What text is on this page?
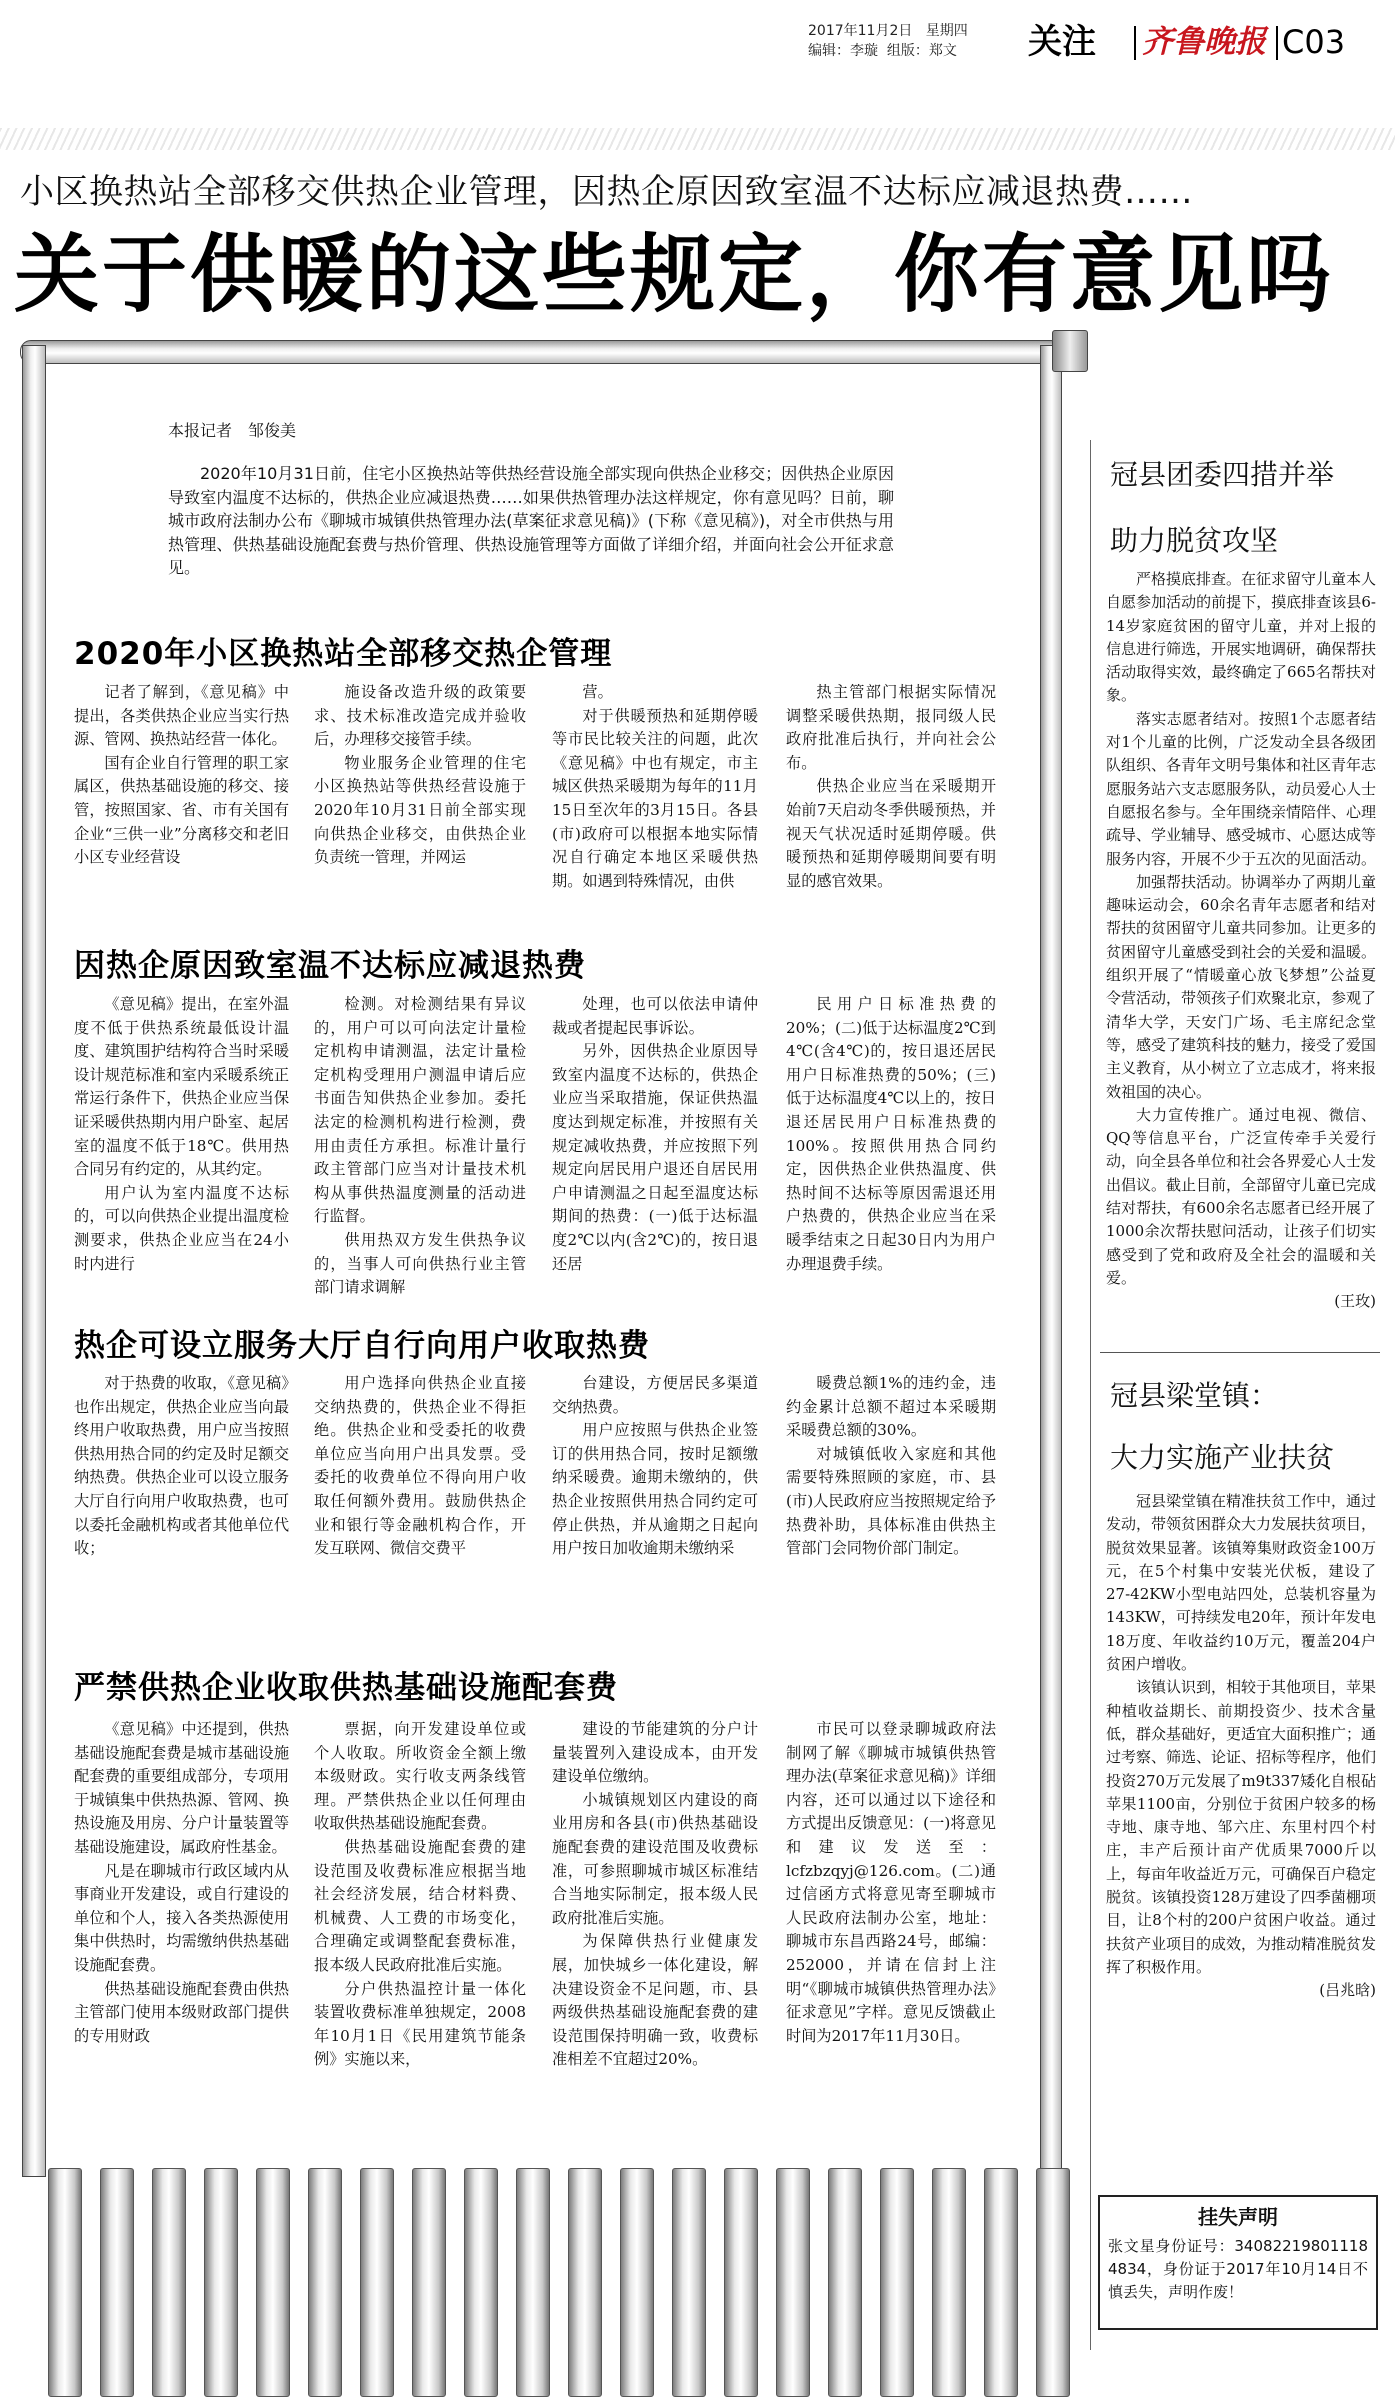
2017年11月2日 星期四
编辑：李璇 组版：郑文 关注 齐鲁晚报 C03
小区换热站全部移交供热企业管理，因热企原因致室温不达标应减退热费……
关于供暖的这些规定，你有意见吗
本报记者　邹俊美
2020年10月31日前，住宅小区换热站等供热经营设施全部实现向供热企业移交；因供热企业原因导致室内温度不达标的，供热企业应减退热费……如果供热管理办法这样规定，你有意见吗？日前，聊城市政府法制办公布《聊城市城镇供热管理办法(草案征求意见稿)》(下称《意见稿》)，对全市供热与用热管理、供热基础设施配套费与热价管理、供热设施管理等方面做了详细介绍，并面向社会公开征求意见。
2020年小区换热站全部移交热企管理

记者了解到，《意见稿》中提出，各类供热企业应当实行热源、管网、换热站经营一体化。

国有企业自行管理的职工家属区，供热基础设施的移交、接管，按照国家、省、市有关国有企业“三供一业”分离移交和老旧小区专业经营设

施设备改造升级的政策要求、技术标准改造完成并验收后，办理移交接管手续。

物业服务企业管理的住宅小区换热站等供热经营设施于2020年10月31日前全部实现向供热企业移交，由供热企业负责统一管理，并网运

营。

对于供暖预热和延期停暖等市民比较关注的问题，此次《意见稿》中也有规定，市主城区供热采暖期为每年的11月15日至次年的3月15日。各县(市)政府可以根据本地实际情况自行确定本地区采暖供热期。如遇到特殊情况，由供

热主管部门根据实际情况调整采暖供热期，报同级人民政府批准后执行，并向社会公布。

供热企业应当在采暖期开始前7天启动冬季供暖预热，并视天气状况适时延期停暖。供暖预热和延期停暖期间要有明显的感官效果。

因热企原因致室温不达标应减退热费

《意见稿》提出，在室外温度不低于供热系统最低设计温度、建筑围护结构符合当时采暖设计规范标准和室内采暖系统正常运行条件下，供热企业应当保证采暖供热期内用户卧室、起居室的温度不低于18℃。供用热合同另有约定的，从其约定。

用户认为室内温度不达标的，可以向供热企业提出温度检测要求，供热企业应当在24小时内进行

检测。对检测结果有异议的，用户可以可向法定计量检定机构申请测温，法定计量检定机构受理用户测温申请后应书面告知供热企业参加。委托法定的检测机构进行检测，费用由责任方承担。标准计量行政主管部门应当对计量技术机构从事供热温度测量的活动进行监督。

供用热双方发生供热争议的，当事人可向供热行业主管部门请求调解

处理，也可以依法申请仲裁或者提起民事诉讼。

另外，因供热企业原因导致室内温度不达标的，供热企业应当采取措施，保证供热温度达到规定标准，并按照有关规定减收热费，并应按照下列规定向居民用户退还自居民用户申请测温之日起至温度达标期间的热费：(一)低于达标温度2℃以内(含2℃)的，按日退还居

民用户日标准热费的20%；(二)低于达标温度2℃到4℃(含4℃)的，按日退还居民用户日标准热费的50%；(三)低于达标温度4℃以上的，按日退还居民用户日标准热费的100%。按照供用热合同约定，因供热企业供热温度、供热时间不达标等原因需退还用户热费的，供热企业应当在采暖季结束之日起30日内为用户办理退费手续。

热企可设立服务大厅自行向用户收取热费

对于热费的收取，《意见稿》也作出规定，供热企业应当向最终用户收取热费，用户应当按照供热用热合同的约定及时足额交纳热费。供热企业可以设立服务大厅自行向用户收取热费，也可以委托金融机构或者其他单位代收；

用户选择向供热企业直接交纳热费的，供热企业不得拒绝。供热企业和受委托的收费单位应当向用户出具发票。受委托的收费单位不得向用户收取任何额外费用。鼓励供热企业和银行等金融机构合作，开发互联网、微信交费平

台建设，方便居民多渠道交纳热费。

用户应按照与供热企业签订的供用热合同，按时足额缴纳采暖费。逾期未缴纳的，供热企业按照供用热合同约定可停止供热，并从逾期之日起向用户按日加收逾期未缴纳采

暖费总额1%的违约金，违约金累计总额不超过本采暖期采暖费总额的30%。

对城镇低收入家庭和其他需要特殊照顾的家庭，市、县(市)人民政府应当按照规定给予热费补助，具体标准由供热主管部门会同物价部门制定。

严禁供热企业收取供热基础设施配套费

《意见稿》中还提到，供热基础设施配套费是城市基础设施配套费的重要组成部分，专项用于城镇集中供热热源、管网、换热设施及用房、分户计量装置等基础设施建设，属政府性基金。

凡是在聊城市行政区域内从事商业开发建设，或自行建设的单位和个人，接入各类热源使用集中供热时，均需缴纳供热基础设施配套费。

供热基础设施配套费由供热主管部门使用本级财政部门提供的专用财政

票据，向开发建设单位或个人收取。所收资金全额上缴本级财政。实行收支两条线管理。严禁供热企业以任何理由收取供热基础设施配套费。

供热基础设施配套费的建设范围及收费标准应根据当地社会经济发展，结合材料费、机械费、人工费的市场变化，合理确定或调整配套费标准，报本级人民政府批准后实施。

分户供热温控计量一体化装置收费标准单独规定，2008年10月1日《民用建筑节能条例》实施以来，

建设的节能建筑的分户计量装置列入建设成本，由开发建设单位缴纳。

小城镇规划区内建设的商业用房和各县(市)供热基础设施配套费的建设范围及收费标准，可参照聊城市城区标准结合当地实际制定，报本级人民政府批准后实施。

为保障供热行业健康发展，加快城乡一体化建设，解决建设资金不足问题，市、县两级供热基础设施配套费的建设范围保持明确一致，收费标准相差不宜超过20%。

市民可以登录聊城政府法制网了解《聊城市城镇供热管理办法(草案征求意见稿)》详细内容，还可以通过以下途径和方式提出反馈意见：(一)将意见和建议发送至：lcfzbzqyj@126.com。(二)通过信函方式将意见寄至聊城市人民政府法制办公室，地址：聊城市东昌西路24号，邮编：252000，并请在信封上注明“《聊城市城镇供热管理办法》征求意见”字样。意见反馈截止时间为2017年11月30日。

冠县团委四措并举
助力脱贫攻坚

严格摸底排查。在征求留守儿童本人自愿参加活动的前提下，摸底排查该县6-14岁家庭贫困的留守儿童，并对上报的信息进行筛选，开展实地调研，确保帮扶活动取得实效，最终确定了665名帮扶对象。

落实志愿者结对。按照1个志愿者结对1个儿童的比例，广泛发动全县各级团队组织、各青年文明号集体和社区青年志愿服务站六支志愿服务队，动员爱心人士自愿报名参与。全年围绕亲情陪伴、心理疏导、学业辅导、感受城市、心愿达成等服务内容，开展不少于五次的见面活动。

加强帮扶活动。协调举办了两期儿童趣味运动会，60余名青年志愿者和结对帮扶的贫困留守儿童共同参加。让更多的贫困留守儿童感受到社会的关爱和温暖。组织开展了“情暖童心放飞梦想”公益夏令营活动，带领孩子们欢聚北京，参观了清华大学，天安门广场、毛主席纪念堂等，感受了建筑科技的魅力，接受了爱国主义教育，从小树立了立志成才，将来报效祖国的决心。

大力宣传推广。通过电视、微信、QQ等信息平台，广泛宣传牵手关爱行动，向全县各单位和社会各界爱心人士发出倡议。截止目前，全部留守儿童已完成结对帮扶，有600余名志愿者已经开展了1000余次帮扶慰问活动，让孩子们切实感受到了党和政府及全社会的温暖和关爱。

(王玫)

冠县梁堂镇：
大力实施产业扶贫

冠县梁堂镇在精准扶贫工作中，通过发动，带领贫困群众大力发展扶贫项目，脱贫效果显著。该镇筹集财政资金100万元，在5个村集中安装光伏板，建设了27-42KW小型电站四处，总装机容量为143KW，可持续发电20年，预计年发电18万度、年收益约10万元，覆盖204户贫困户增收。

该镇认识到，相较于其他项目，苹果种植收益期长、前期投资少、技术含量低，群众基础好，更适宜大面积推广；通过考察、筛选、论证、招标等程序，他们投资270万元发展了m9t337矮化自根砧苹果1100亩，分别位于贫困户较多的杨寺地、康寺地、邹六庄、东里村四个村庄，丰产后预计亩产优质果7000斤以上，每亩年收益近万元，可确保百户稳定脱贫。该镇投资128万建设了四季菌棚项目，让8个村的200户贫困户收益。通过扶贫产业项目的成效，为推动精准脱贫发挥了积极作用。

(吕兆晗)

挂失声明
张文星身份证号：340822198011184834，身份证于2017年10月14日不慎丢失，声明作废！
